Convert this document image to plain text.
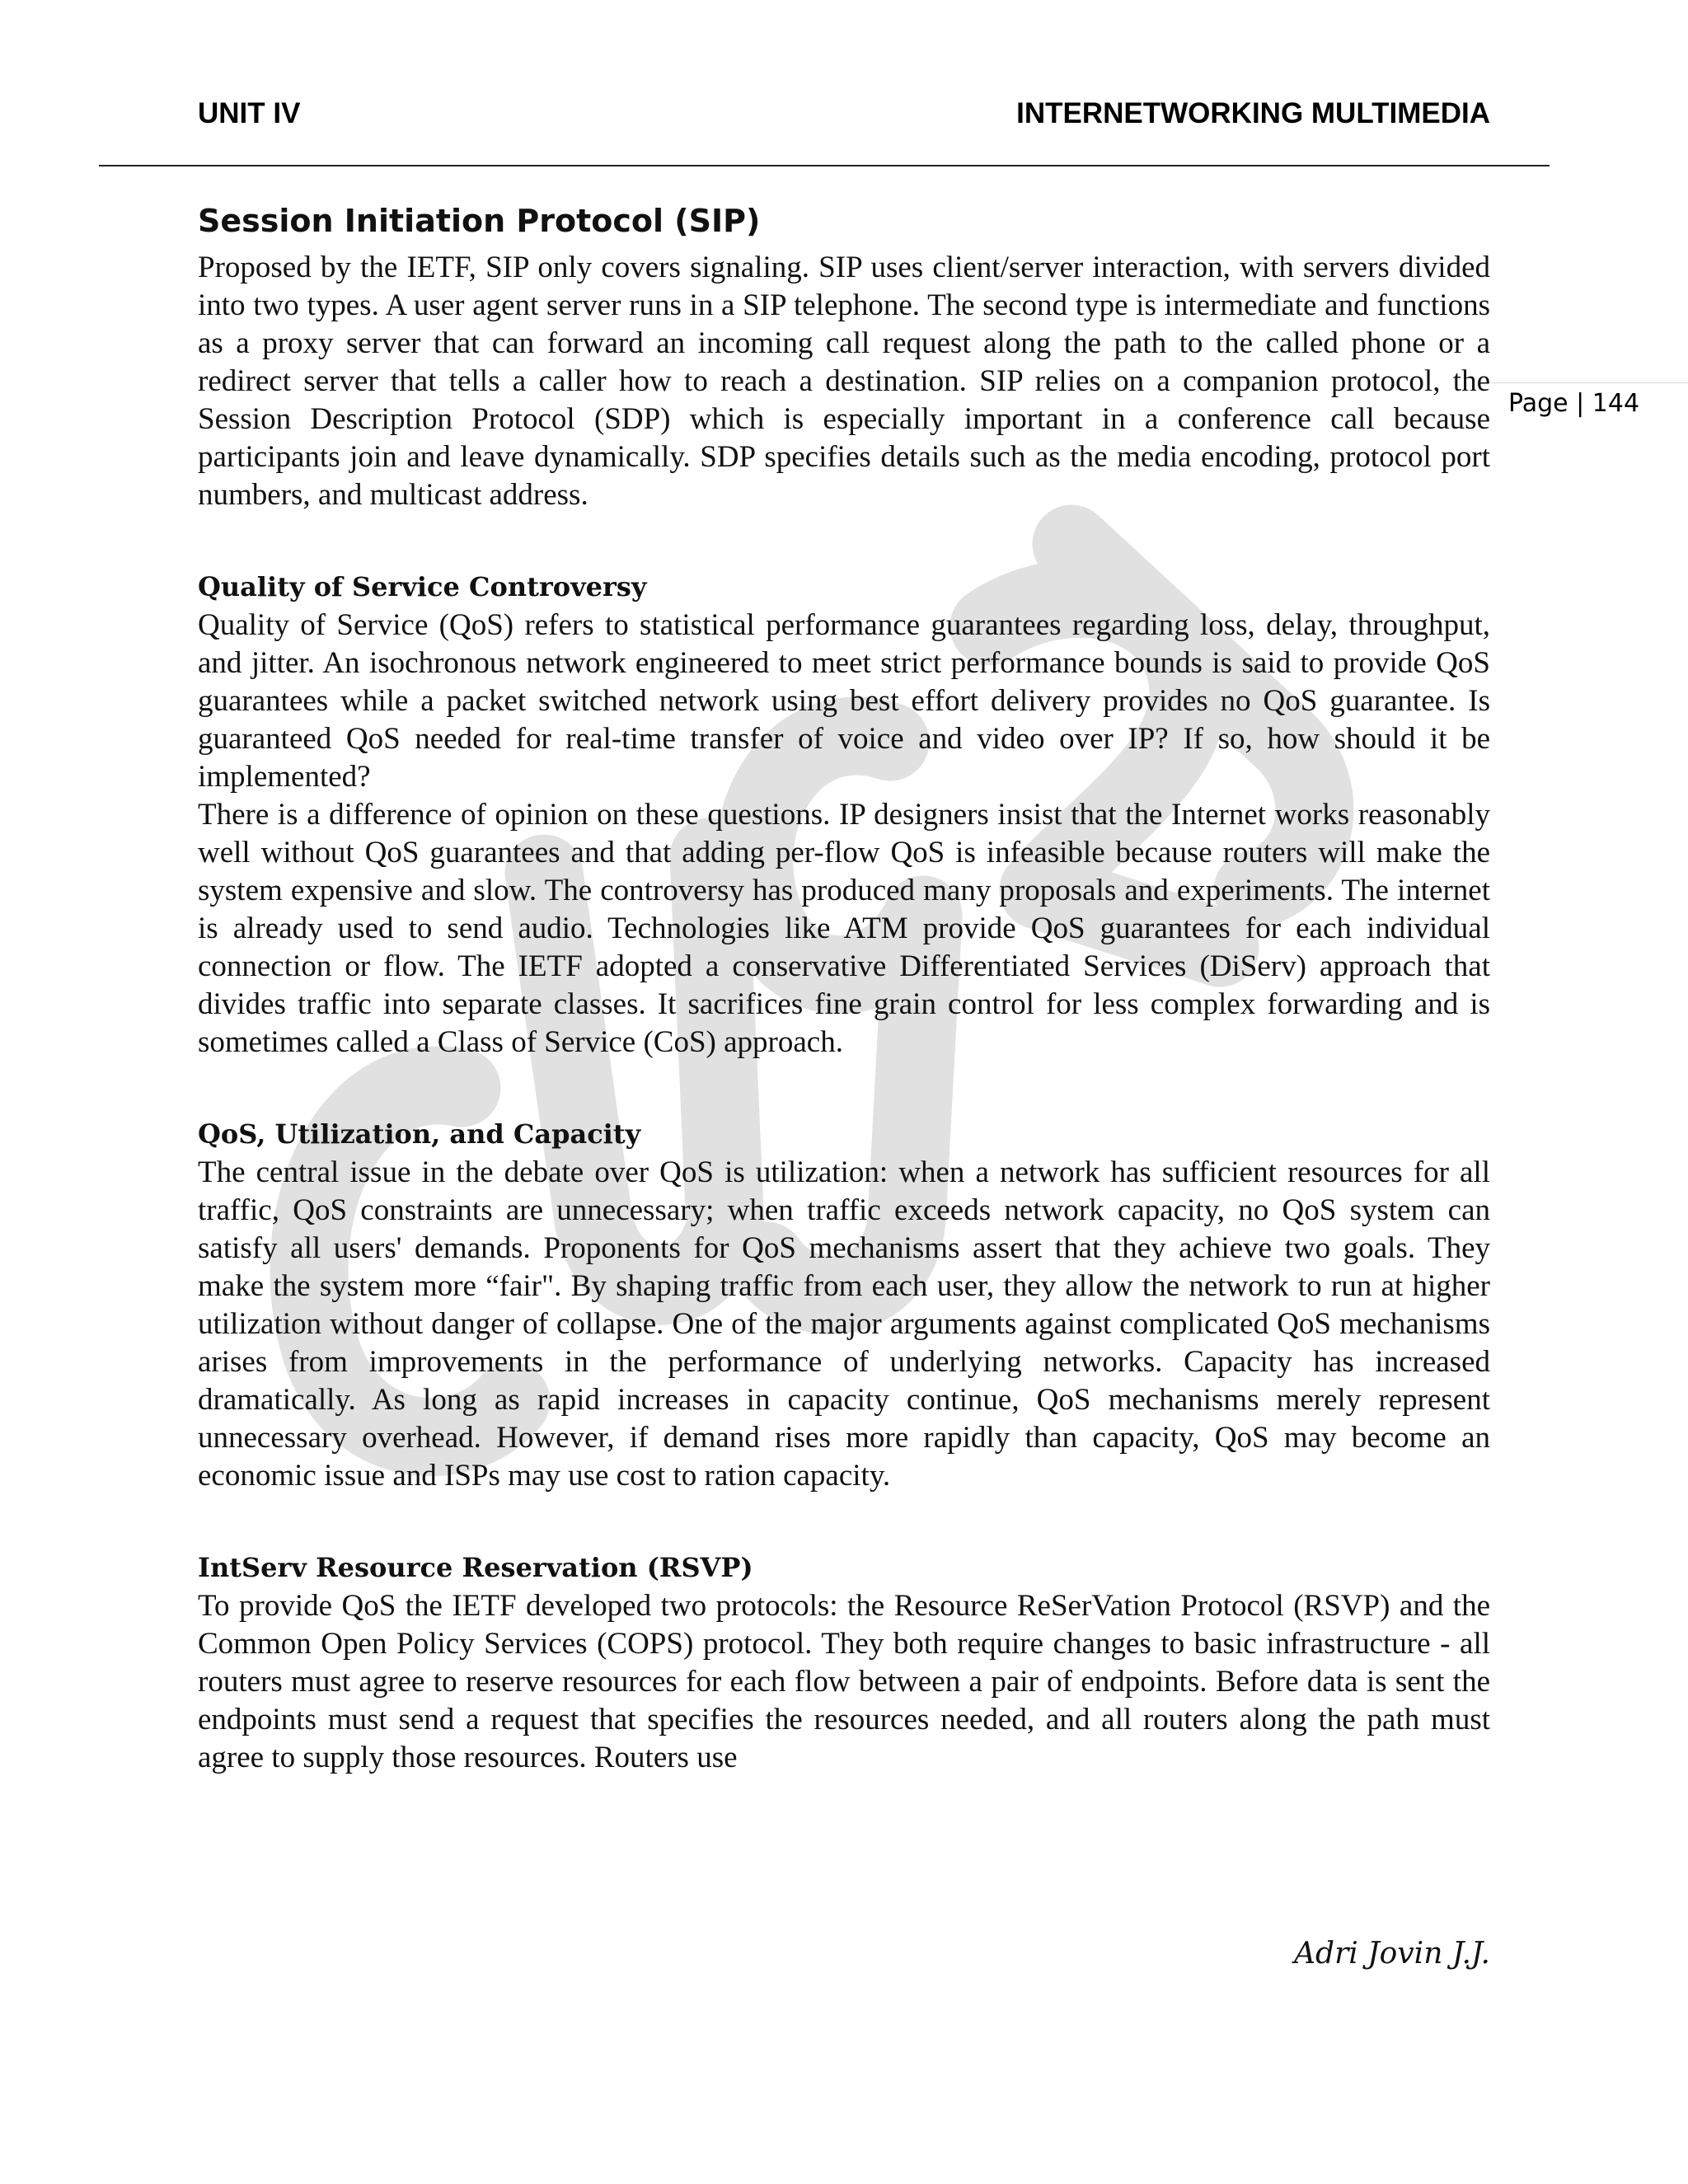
UNIT IV	INTERNETWORKING MULTIMEDIA
Page | 144
Session Initiation Protocol (SIP)

Proposed by the IETF, SIP only covers signaling. SIP uses client/server interaction, with servers divided into two types. A user agent server runs in a SIP telephone. The second type is intermediate and functions as a proxy server that can forward an incoming call request along the path to the called phone or a redirect server that tells a caller how to reach a destination. SIP relies on a companion protocol, the Session Description Protocol (SDP) which is especially important in a conference call because participants join and leave dynamically. SDP specifies details such as the media encoding, protocol port numbers, and multicast address.

Quality of Service Controversy

Quality of Service (QoS) refers to statistical performance guarantees regarding loss, delay, throughput, and jitter. An isochronous network engineered to meet strict performance bounds is said to provide QoS guarantees while a packet switched network using best effort delivery provides no QoS guarantee. Is guaranteed QoS needed for real-time transfer of voice and video over IP? If so, how should it be implemented?

There is a difference of opinion on these questions. IP designers insist that the Internet works reasonably well without QoS guarantees and that adding per-flow QoS is infeasible because routers will make the system expensive and slow. The controversy has produced many proposals and experiments. The internet is already used to send audio. Technologies like ATM provide QoS guarantees for each individual connection or flow. The IETF adopted a conservative Differentiated Services (DiServ) approach that divides traffic into separate classes. It sacrifices fine grain control for less complex forwarding and is sometimes called a Class of Service (CoS) approach.

QoS, Utilization, and Capacity

The central issue in the debate over QoS is utilization: when a network has sufficient resources for all traffic, QoS constraints are unnecessary; when traffic exceeds network capacity, no QoS system can satisfy all users' demands. Proponents for QoS mechanisms assert that they achieve two goals. They make the system more “fair". By shaping traffic from each user, they allow the network to run at higher utilization without danger of collapse. One of the major arguments against complicated QoS mechanisms arises from improvements in the performance of underlying networks. Capacity has increased dramatically. As long as rapid increases in capacity continue, QoS mechanisms merely represent unnecessary overhead. However, if demand rises more rapidly than capacity, QoS may become an economic issue and ISPs may use cost to ration capacity.

IntServ Resource Reservation (RSVP)

To provide QoS the IETF developed two protocols: the Resource ReSerVation Protocol (RSVP) and the Common Open Policy Services (COPS) protocol. They both require changes to basic infrastructure - all routers must agree to reserve resources for each flow between a pair of endpoints. Before data is sent the endpoints must send a request that specifies the resources needed, and all routers along the path must agree to supply those resources. Routers use

Adri Jovin J.J.
